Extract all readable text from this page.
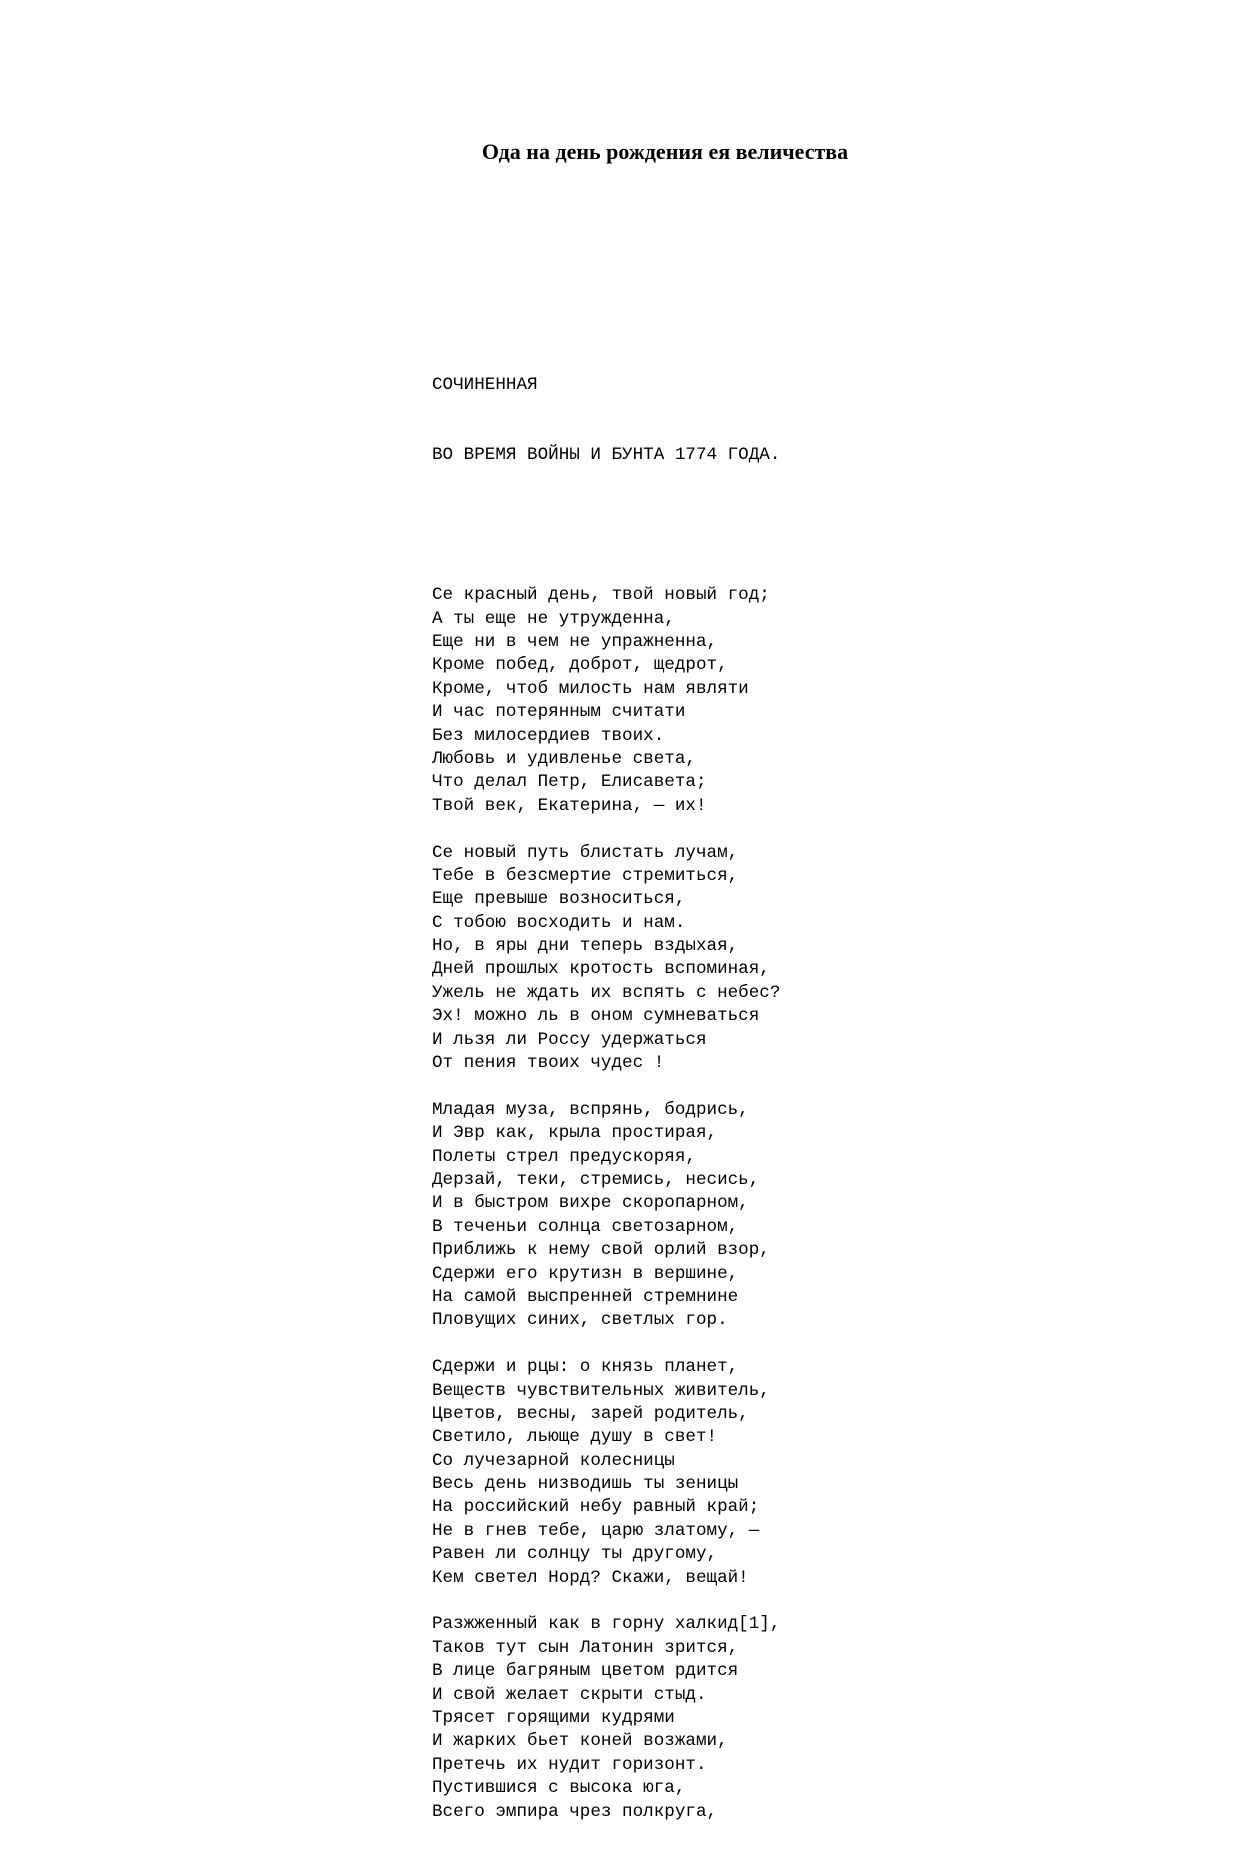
Ода на день рождения ея величества

СОЧИНЕННАЯ

ВО ВРЕМЯ ВОЙНЫ И БУНТА 1774 ГОДА.

Се красный день, твой новый год;
А ты еще не утружденна,
Еще ни в чем не упражненна,
Кроме побед, доброт, щедрот,
Кроме, чтоб милость нам являти
И час потерянным считати
Без милосердиев твоих.
Любовь и удивленье света,
Что делал Петр, Елисавета;
Твой век, Екатерина, — их!
Се новый путь блистать лучам,
Тебе в безсмертие стремиться,
Еще превыше возноситься,
С тобою восходить и нам.
Но, в яры дни теперь вздыхая,
Дней прошлых кротость вспоминая,
Ужель не ждать их вспять с небес?
Эх! можно ль в оном сумневаться
И льзя ли Россу удержаться
От пения твоих чудес !
Младая муза, вспрянь, бодрись,
И Эвр как, крыла простирая,
Полеты стрел предускоряя,
Дерзай, теки, стремись, несись,
И в быстром вихре скоропарном,
В теченьи солнца светозарном,
Приближь к нему свой орлий взор,
Сдержи его крутизн в вершине,
На самой выспренней стремнине
Пловущих синих, светлых гор.
Сдержи и рцы: о князь планет,
Веществ чувствительных живитель,
Цветов, весны, зарей родитель,
Светило, льюще душу в свет!
Со лучезарной колесницы
Весь день низводишь ты зеницы
На российский небу равный край;
Не в гнев тебе, царю златому, —
Равен ли солнцу ты другому,
Кем светел Норд? Скажи, вещай!
Разжженный как в горну халкид[1],
Таков тут сын Латонин зрится,
В лице багряным цветом рдится
И свой желает скрыти стыд.
Трясет горящими кудрями
И жарких бьет коней возжами,
Претечь их нудит горизонт.
Пустившися с высока юга,
Всего эмпира чрез полкруга,
